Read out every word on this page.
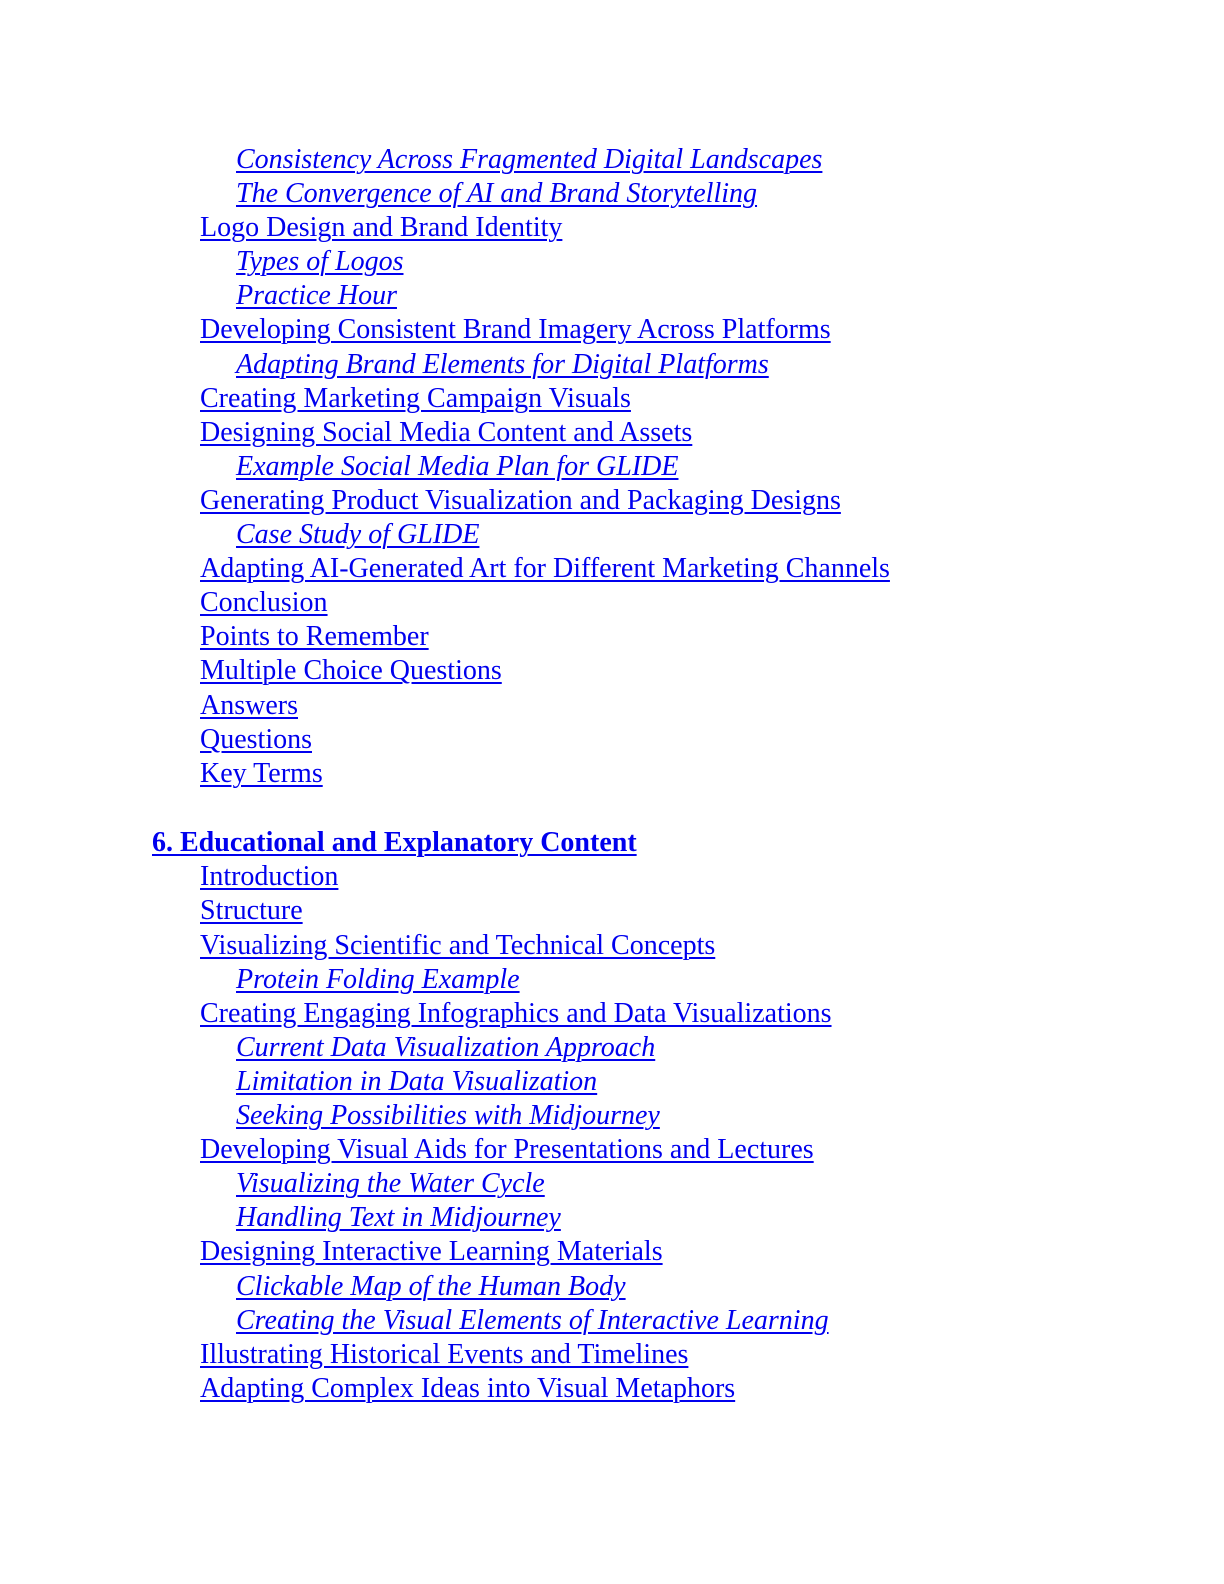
Consistency Across Fragmented Digital Landscapes
The Convergence of AI and Brand Storytelling
Logo Design and Brand Identity
Types of Logos
Practice Hour
Developing Consistent Brand Imagery Across Platforms
Adapting Brand Elements for Digital Platforms
Creating Marketing Campaign Visuals
Designing Social Media Content and Assets
Example Social Media Plan for GLIDE
Generating Product Visualization and Packaging Designs
Case Study of GLIDE
Adapting AI-Generated Art for Different Marketing Channels
Conclusion
Points to Remember
Multiple Choice Questions
Answers
Questions
Key Terms
6. Educational and Explanatory Content
Introduction
Structure
Visualizing Scientific and Technical Concepts
Protein Folding Example
Creating Engaging Infographics and Data Visualizations
Current Data Visualization Approach
Limitation in Data Visualization
Seeking Possibilities with Midjourney
Developing Visual Aids for Presentations and Lectures
Visualizing the Water Cycle
Handling Text in Midjourney
Designing Interactive Learning Materials
Clickable Map of the Human Body
Creating the Visual Elements of Interactive Learning
Illustrating Historical Events and Timelines
Adapting Complex Ideas into Visual Metaphors
